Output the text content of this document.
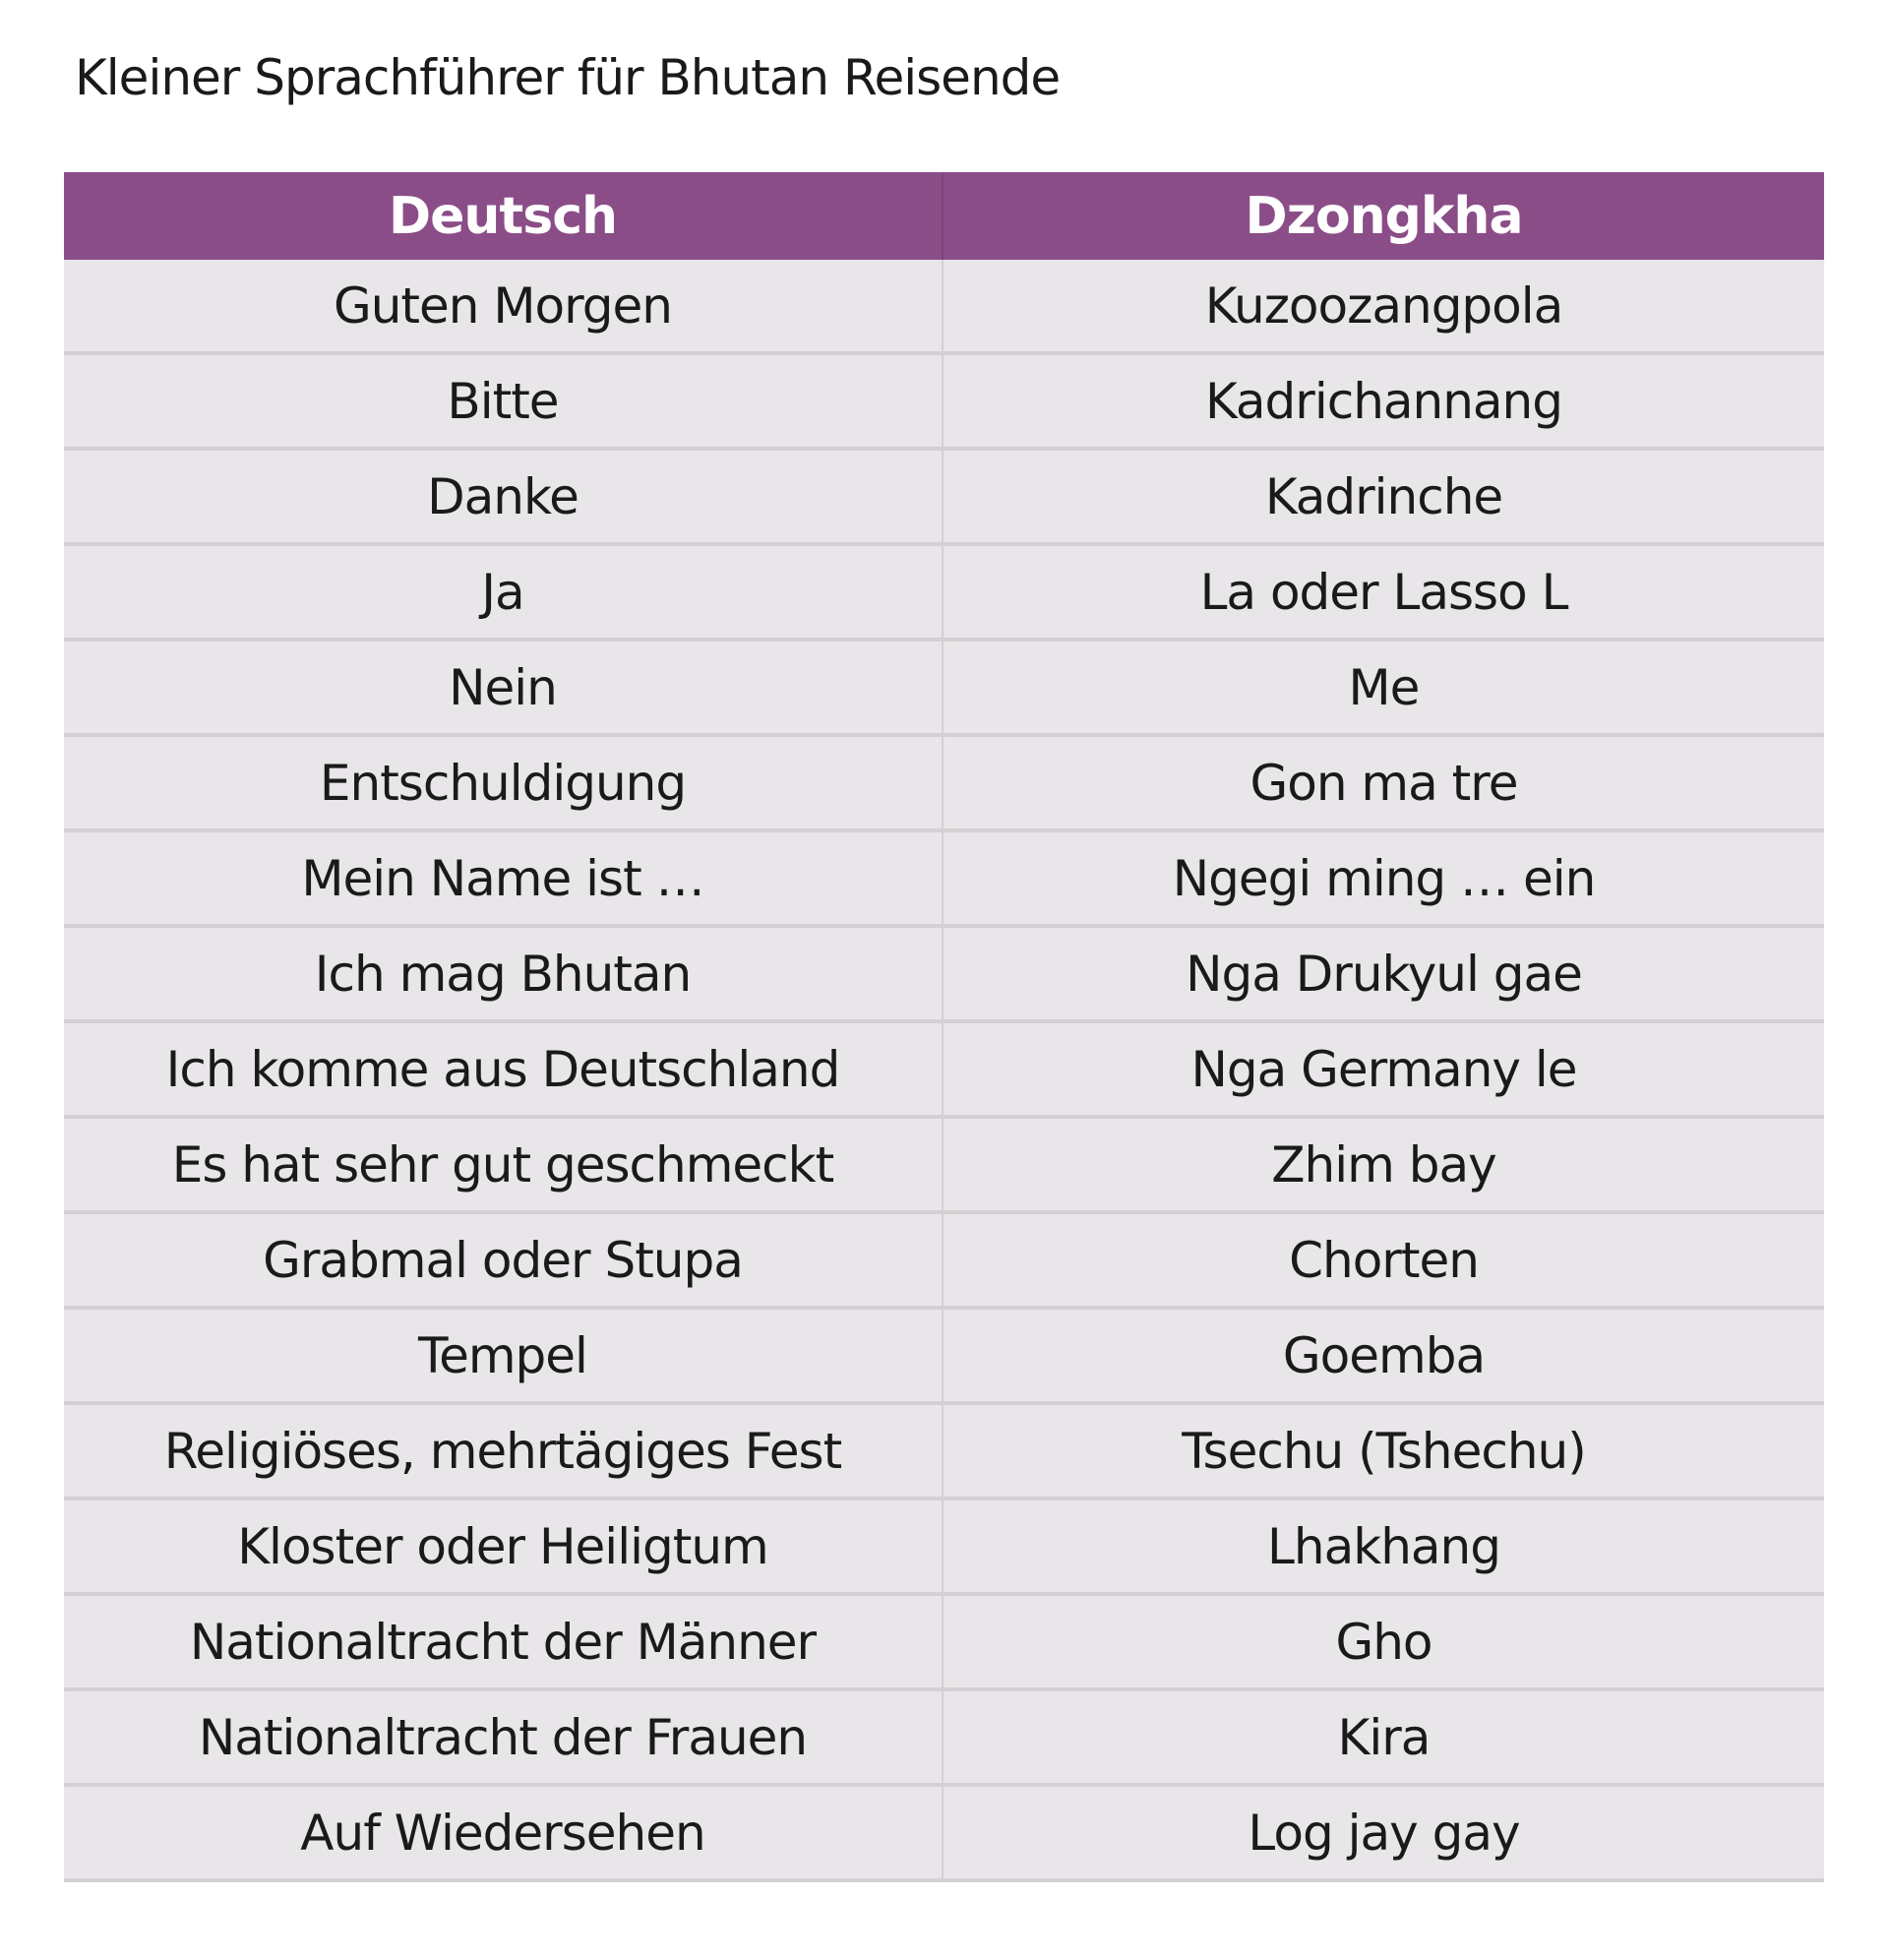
Kleiner Sprachführer für Bhutan Reisende
Deutsch	Dzongkha
Guten Morgen	Kuzoozangpola
Bitte	Kadrichannang
Danke	Kadrinche
Ja	La oder Lasso L
Nein	Me
Entschuldigung	Gon ma tre
Mein Name ist …	Ngegi ming … ein
Ich mag Bhutan	Nga Drukyul gae
Ich komme aus Deutschland	Nga Germany le
Es hat sehr gut geschmeckt	Zhim bay
Grabmal oder Stupa	Chorten
Tempel	Goemba
Religiöses, mehrtägiges Fest	Tsechu (Tshechu)
Kloster oder Heiligtum	Lhakhang
Nationaltracht der Männer	Gho
Nationaltracht der Frauen	Kira
Auf Wiedersehen	Log jay gay
